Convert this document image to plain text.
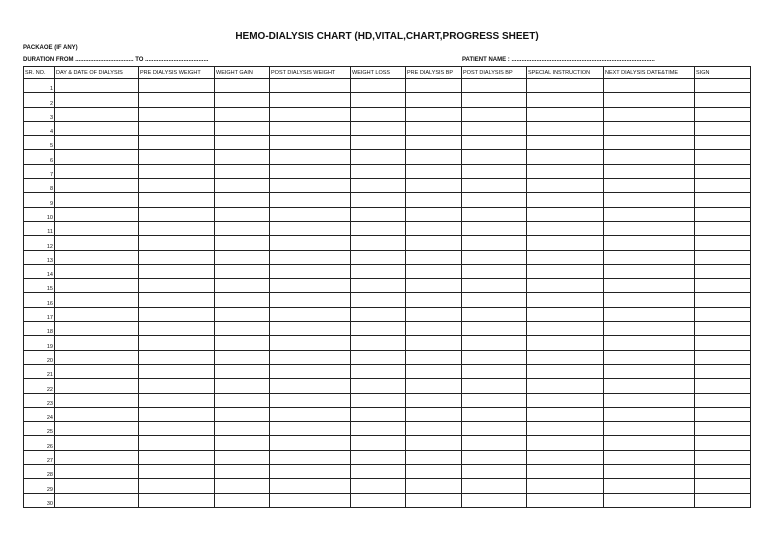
HEMO-DIALYSIS CHART (HD,VITAL,CHART,PROGRESS SHEET)
PACKAOE (IF ANY)
DURATION FROM ................................... TO ......................................	PATIENT NAME : ......................................................................................
SR. NO.	DAY & DATE OF DIALYSIS	PRE DIALYSIS WEIGHT	WEIGHT GAIN	POST DIALYSIS WEIGHT	WEIGHT LOSS	PRE DIALYSIS BP	POST DIALYSIS BP	SPECIAL INSTRUCTION	NEXT DIALYSIS DATE&TIME	SIGN
1										
2										
3										
4										
5										
6										
7										
8										
9										
10										
11										
12										
13										
14										
15										
16										
17										
18										
19										
20										
21										
22										
23										
24										
25										
26										
27										
28										
29										
30										
